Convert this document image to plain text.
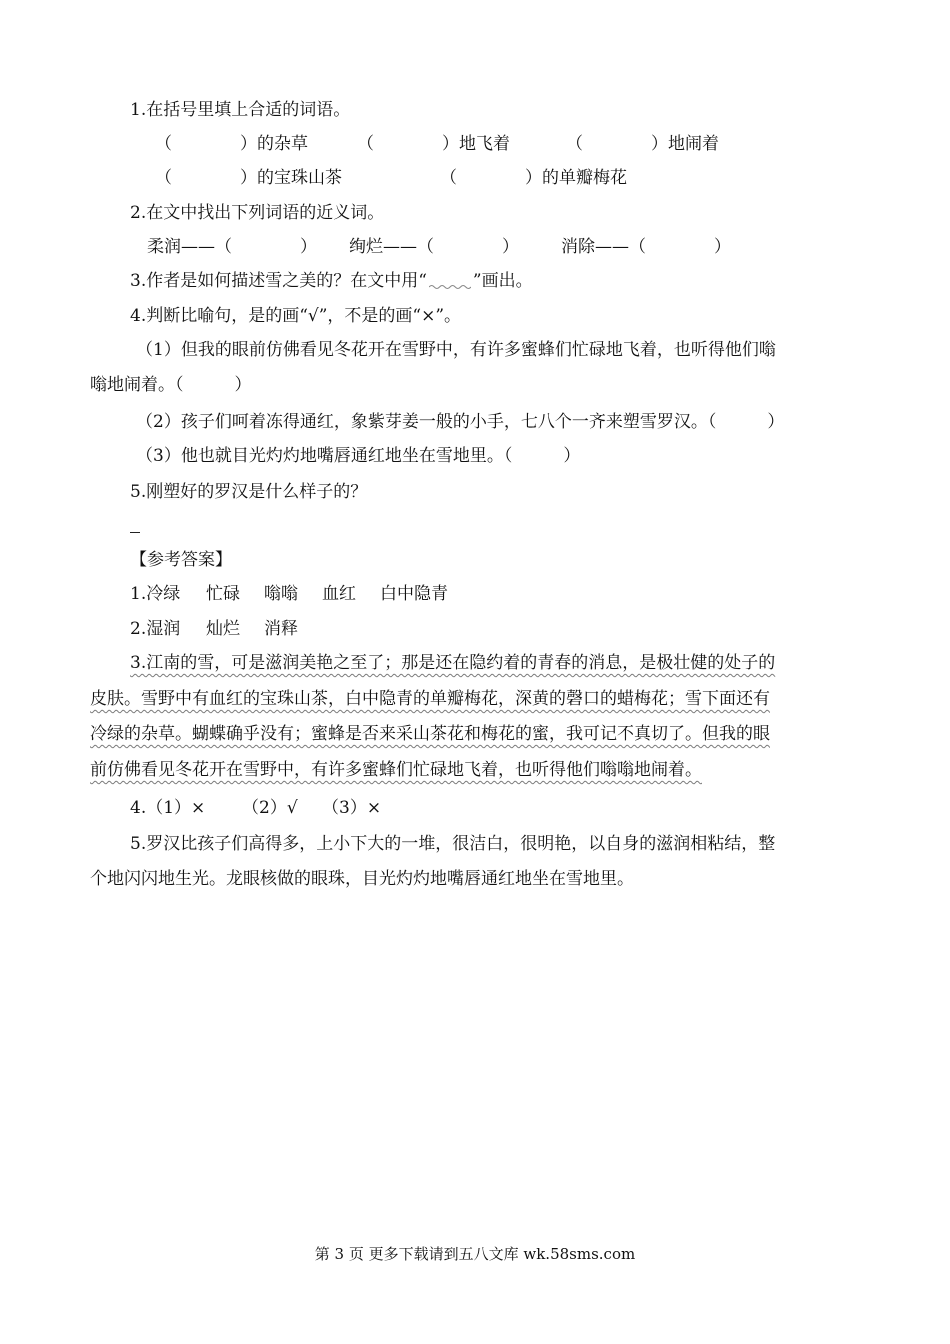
1.在括号里填上合适的词语。
（　　　　）的杂草	（　　　　）地飞着	（　　　　）地闹着
（　　　　）的宝珠山茶	（　　　　）的单瓣梅花
2.在文中找出下列词语的近义词。
柔润——（　　　　） 绚烂——（　　　　） 消除——（　　　　）
3.作者是如何描述雪之美的？在文中用“	”画出。
4.判断比喻句，是的画“√”，不是的画“×”。
（1）但我的眼前仿佛看见冬花开在雪野中，有许多蜜蜂们忙碌地飞着，也听得他们嗡
嗡地闹着。（　　　）
（2）孩子们呵着冻得通红，象紫芽姜一般的小手，七八个一齐来塑雪罗汉。（　　　）
（3）他也就目光灼灼地嘴唇通红地坐在雪地里。（　　　）
5.刚塑好的罗汉是什么样子的？
【参考答案】
1.冷绿 忙碌 嗡嗡 血红 白中隐青
2.湿润 灿烂 消释
3.江南的雪，可是滋润美艳之至了；那是还在隐约着的青春的消息，是极壮健的处子的
皮肤。雪野中有血红的宝珠山茶，白中隐青的单瓣梅花，深黄的磬口的蜡梅花；雪下面还有
冷绿的杂草。蝴蝶确乎没有；蜜蜂是否来采山茶花和梅花的蜜，我可记不真切了。但我的眼
前仿佛看见冬花开在雪野中，有许多蜜蜂们忙碌地飞着，也听得他们嗡嗡地闹着。
4.（1）× （2）√ （3）×
5.罗汉比孩子们高得多，上小下大的一堆，很洁白，很明艳，以自身的滋润相粘结，整
个地闪闪地生光。龙眼核做的眼珠，目光灼灼地嘴唇通红地坐在雪地里。
第 3 页 更多下载请到五八文库 wk.58sms.com
